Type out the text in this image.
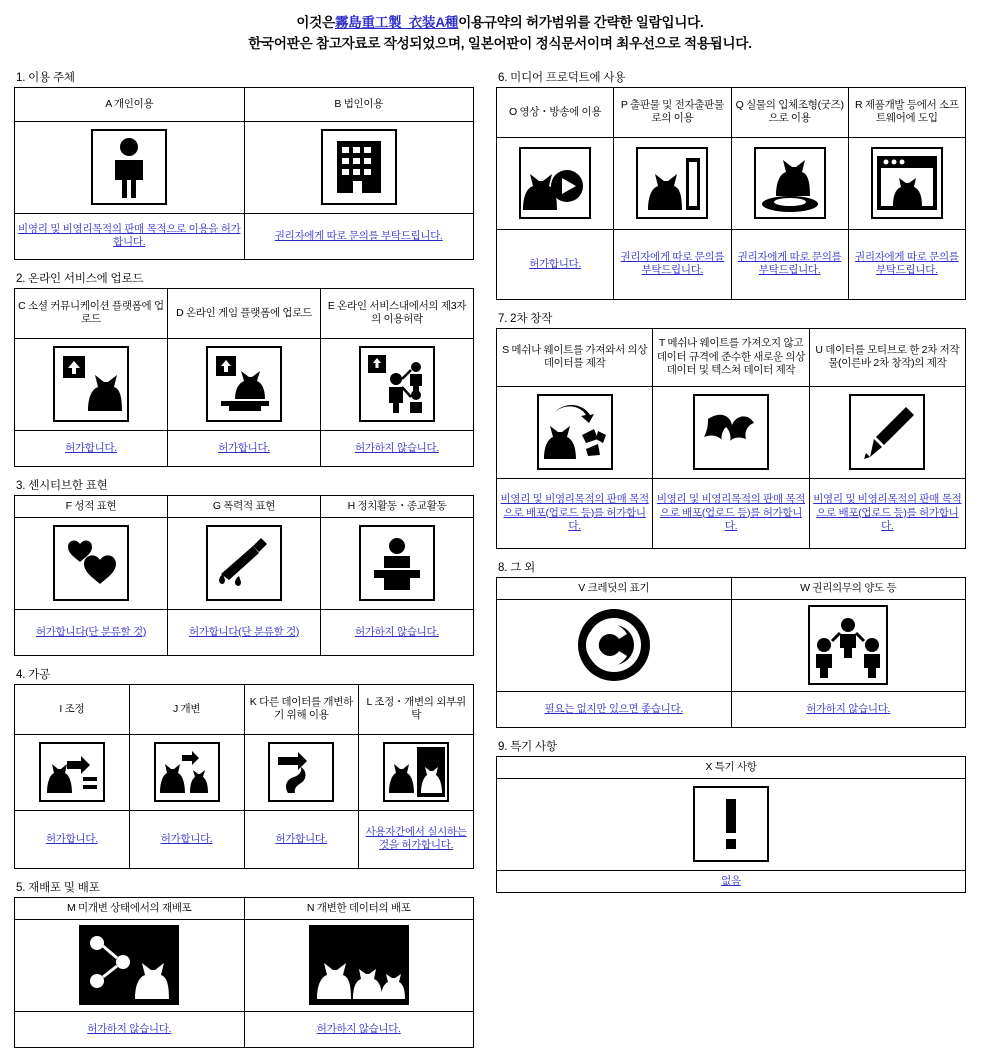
이것은霧島重工製_衣装A種이용규약의 허가범위를 간략한 일람입니다.
한국어판은 참고자료로 작성되었으며, 일본어판이 정식문서이며 최우선으로 적용됩니다.
1. 이용 주체
A 개인이용	B 법인이용

비영리 및 비영리목적의 판매 목적으로 이용을 허가합니다.	권리자에게 따로 문의를 부탁드립니다.
2. 온라인 서비스에 업로드
C 소셜 커뮤니케이션 플랫폼에 업로드	D 온라인 게임 플랫폼에 업로드	E 온라인 서비스내에서의 제3자의 이용허락

허가합니다.	허가합니다.	허가하지 않습니다.
3. 센시티브한 표현
F 성적 표현	G 폭력적 표현	H 정치활동・종교활동

허가합니다(단 분류할 것)	허가합니다(단 분류할 것)	허가하지 않습니다.
4. 가공
I 조정	J 개변	K 다른 데이터를 개변하기 위해 이용	L 조정・개변의 외부위탁

허가합니다.	허가합니다.	허가합니다.	사용자간에서 실시하는 것을 허가합니다.
5. 재배포 및 배포
M 미개변 상태에서의 재배포	N 개변한 데이터의 배포

허가하지 않습니다.	허가하지 않습니다.
6. 미디어 프로덕트에 사용
O 영상・방송에 이용	P 출판물 및 전자출판물로의 이용	Q 실물의 입체조형(굿즈)으로 이용	R 제품개발 등에서 소프트웨어에 도입

허가합니다.	권리자에게 따로 문의를 부탁드립니다.	권리자에게 따로 문의를 부탁드립니다.	권리자에게 따로 문의를 부탁드립니다.
7. 2차 창작
S 메쉬나 웨이트를 가져와서 의상 데이터를 제작	T 메쉬나 웨이트를 가져오지 않고 데이터 규격에 준수한 새로운 의상 데이터 및 텍스쳐 데이터 제작	U 데이터를 모티브로 한 2차 저작물(이른바 2차 창작)의 제작

비영리 및 비영리목적의 판매 목적으로 배포(업로드 등)를 허가합니다.	비영리 및 비영리목적의 판매 목적으로 배포(업로드 등)를 허가합니다.	비영리 및 비영리목적의 판매 목적으로 배포(업로드 등)를 허가합니다.
8. 그 외
V 크레딧의 표기	W 권리의무의 양도 등

필요는 없지만 있으면 좋습니다.	허가하지 않습니다.
9. 특기 사항
X 특기 사항

없음
